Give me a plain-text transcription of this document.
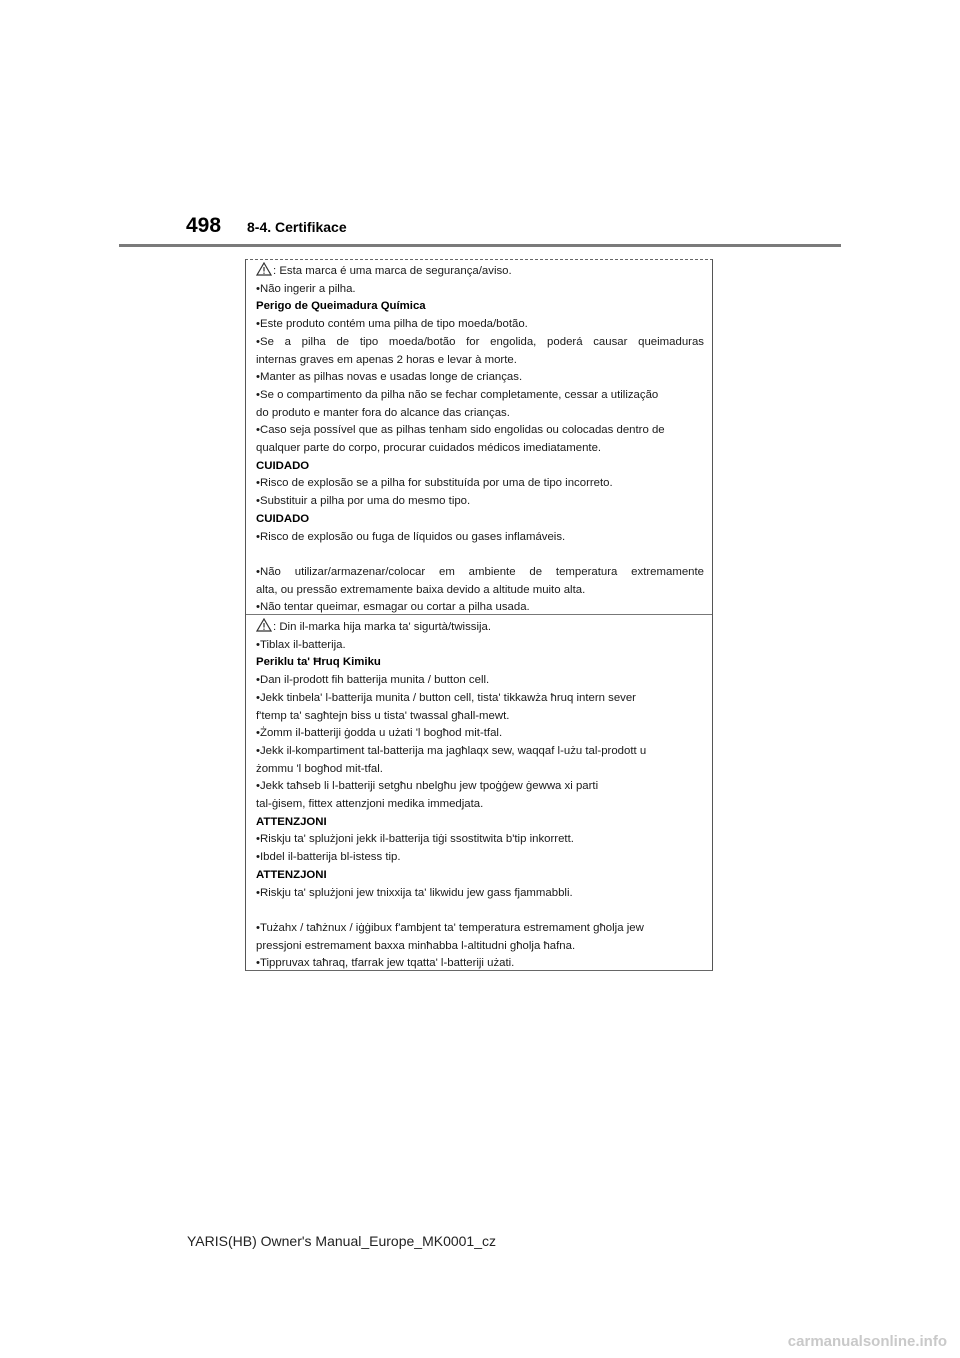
498 8-4. Certifikace
: Esta marca é uma marca de segurança/aviso.
•Não ingerir a pilha.
Perigo de Queimadura Química
•Este produto contém uma pilha de tipo moeda/botão.
•Se a pilha de tipo moeda/botão for engolida, poderá causar queimaduras
internas graves em apenas 2 horas e levar à morte.
•Manter as pilhas novas e usadas longe de crianças.
•Se o compartimento da pilha não se fechar completamente, cessar a utilização
do produto e manter fora do alcance das crianças.
•Caso seja possível que as pilhas tenham sido engolidas ou colocadas dentro de
qualquer parte do corpo, procurar cuidados médicos imediatamente.
CUIDADO
•Risco de explosão se a pilha for substituída por uma de tipo incorreto.
•Substituir a pilha por uma do mesmo tipo.
CUIDADO
•Risco de explosão ou fuga de líquidos ou gases inflamáveis.
•Não utilizar/armazenar/colocar em ambiente de temperatura extremamente
alta, ou pressão extremamente baixa devido a altitude muito alta.
•Não tentar queimar, esmagar ou cortar a pilha usada.
: Din il-marka hija marka ta' sigurtà/twissija.
•Tiblax il-batterija.
Periklu ta' Ħruq Kimiku
•Dan il-prodott fih batterija munita / button cell.
•Jekk tinbela' l-batterija munita / button cell, tista' tikkawża ħruq intern sever
f'temp ta' sagħtejn biss u tista' twassal għall-mewt.
•Żomm il-batteriji ġodda u użati 'l bogħod mit-tfal.
•Jekk il-kompartiment tal-batterija ma jagħlaqx sew, waqqaf l-użu tal-prodott u
żommu 'l bogħod mit-tfal.
•Jekk taħseb li l-batteriji setgħu nbelgħu jew tpoġġew ġewwa xi parti
tal-ġisem, fittex attenzjoni medika immedjata.
ATTENZJONI
•Riskju ta' splużjoni jekk il-batterija tiġi ssostitwita b'tip inkorrett.
•Ibdel il-batterija bl-istess tip.
ATTENZJONI
•Riskju ta' splużjoni jew tnixxija ta' likwidu jew gass fjammabbli.
•Tużahx / taħżnux / iġġibux f'ambjent ta' temperatura estremament għolja jew
pressjoni estremament baxxa minħabba l-altitudni għolja ħafna.
•Tippruvax taħraq, tfarrak jew tqatta' l-batteriji użati.
YARIS(HB) Owner's Manual_Europe_MK0001_cz
carmanualsonline.info
